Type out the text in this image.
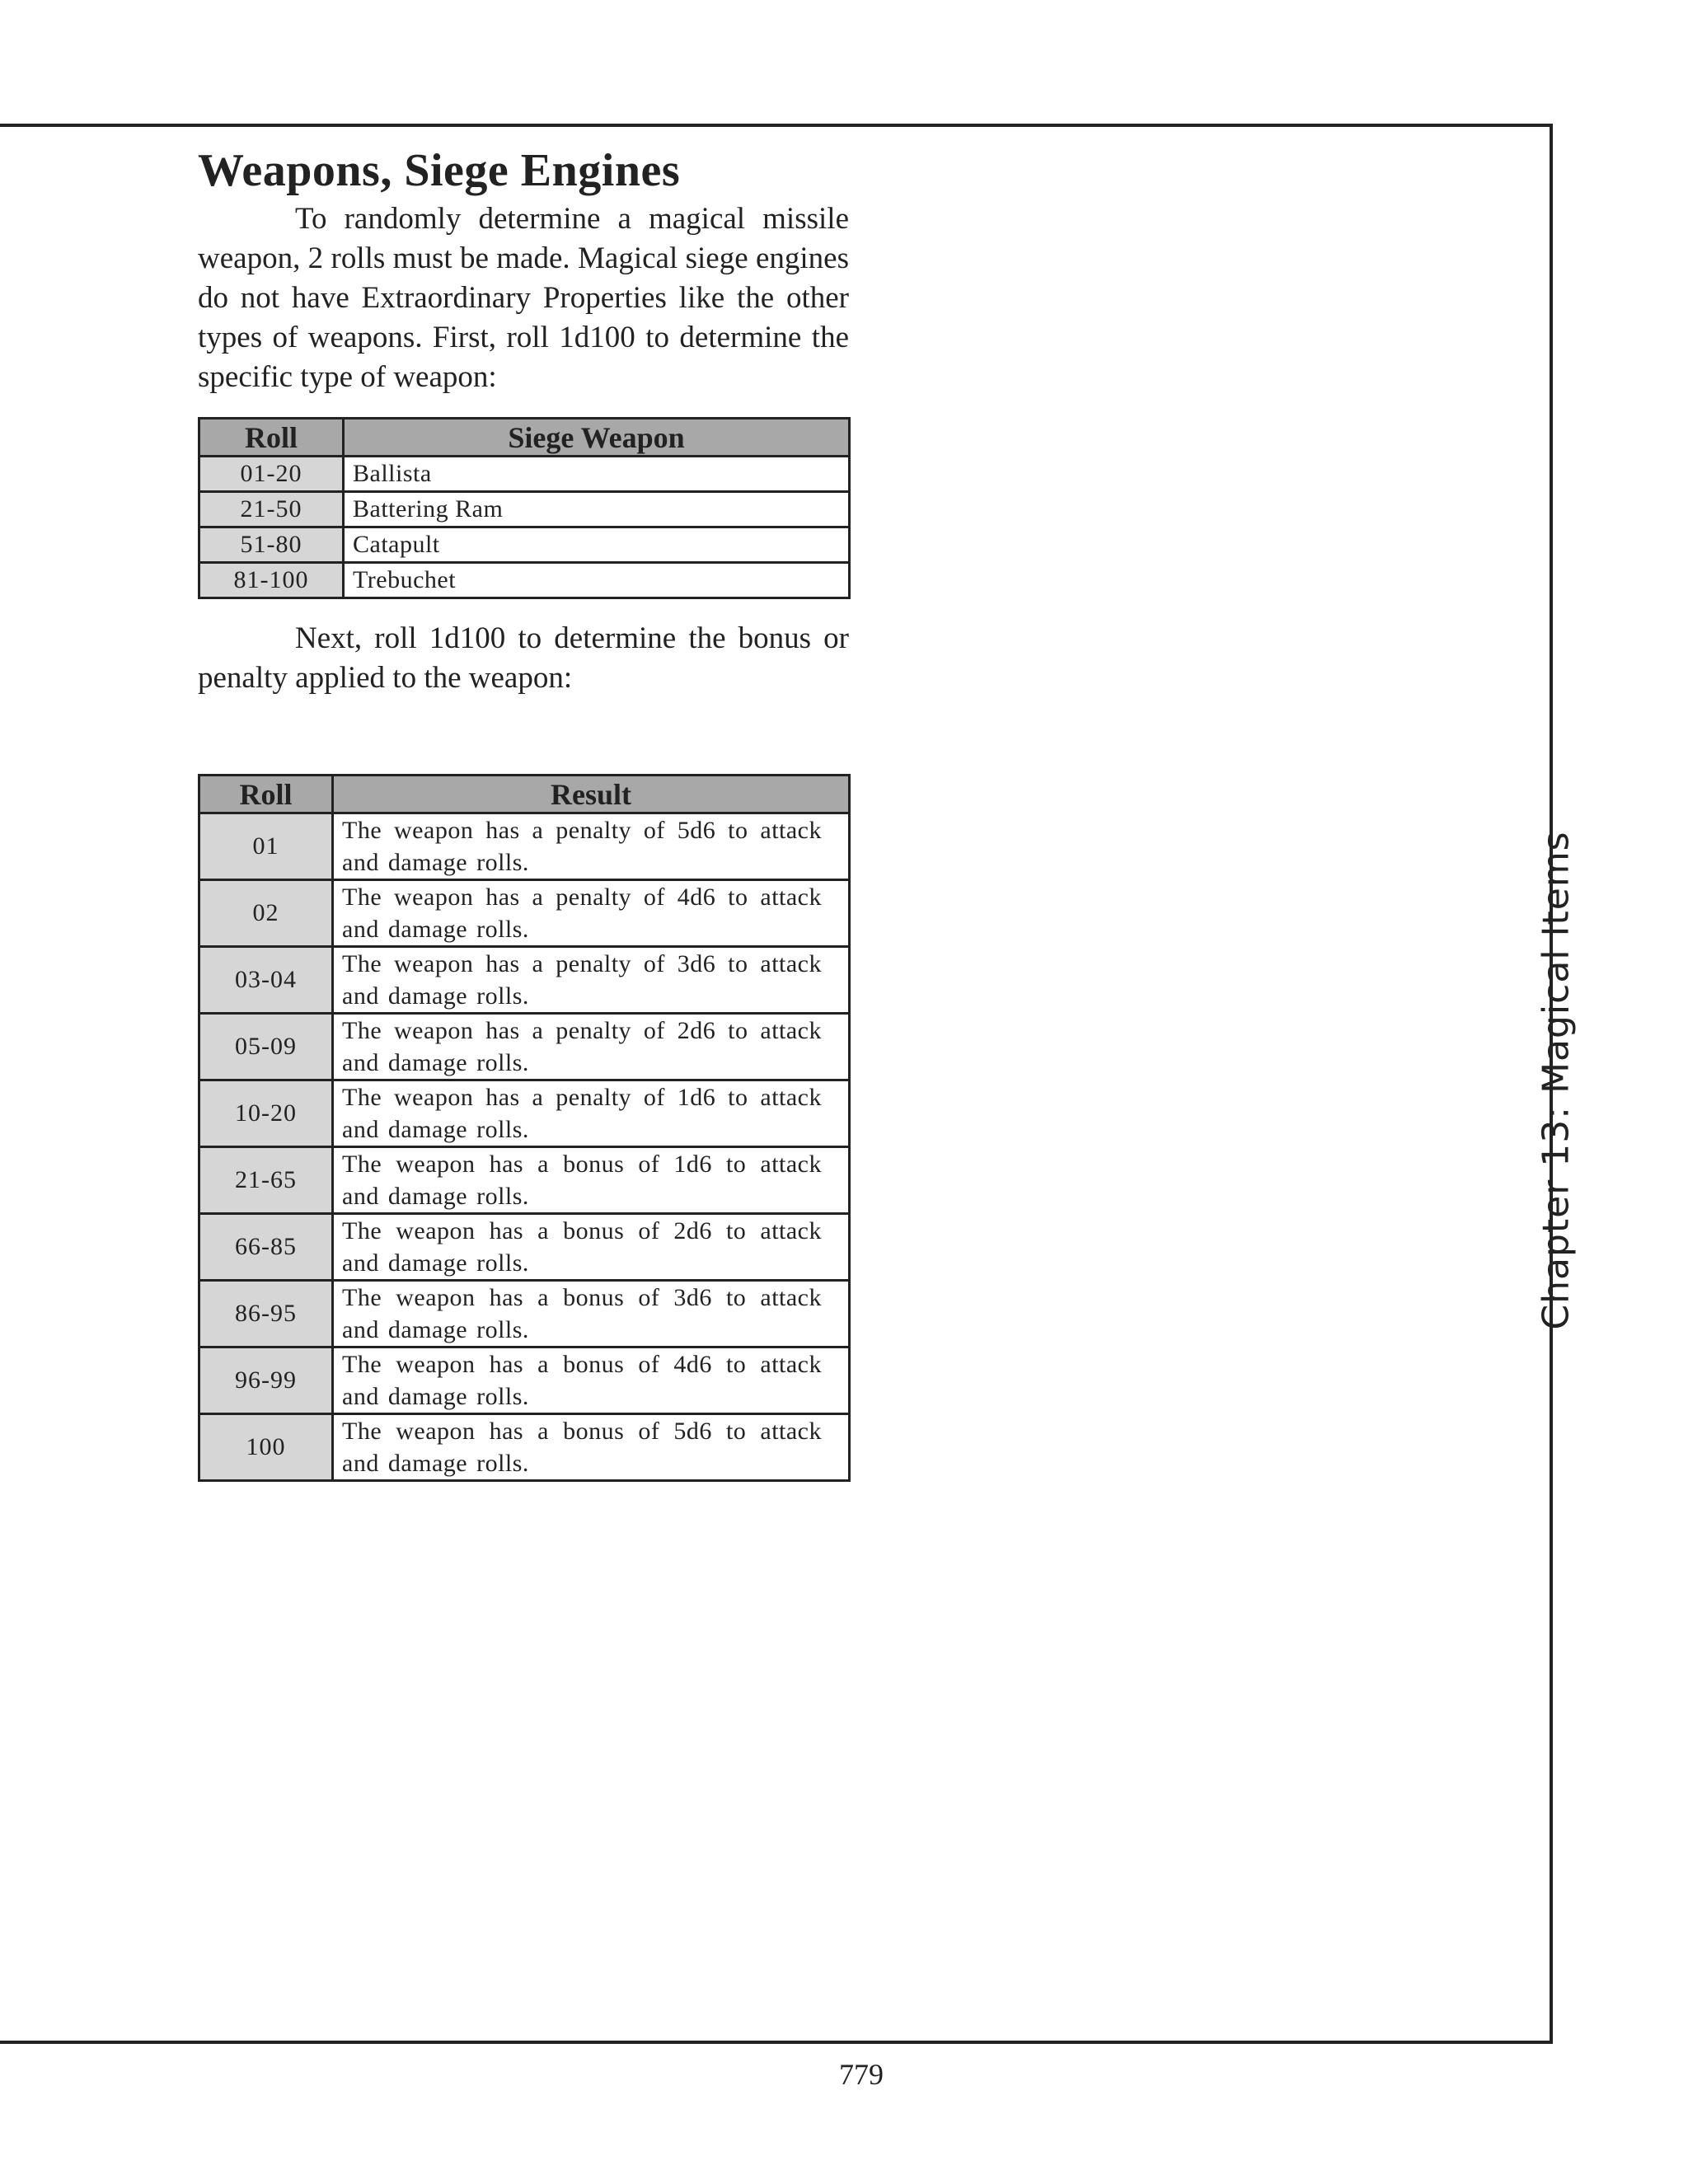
Weapons, Siege Engines

To randomly determine a magical missile weapon, 2 rolls must be made. Magical siege engines do not have Extraordinary Properties like the other types of weapons. First, roll 1d100 to determine the specific type of weapon:

Roll	Siege Weapon
01-20	Ballista
21-50	Battering Ram
51-80	Catapult
81-100	Trebuchet

Next, roll 1d100 to determine the bonus or penalty applied to the weapon:

Roll	Result
01	The weapon has a penalty of 5d6 to attack and damage rolls.
02	The weapon has a penalty of 4d6 to attack and damage rolls.
03-04	The weapon has a penalty of 3d6 to attack and damage rolls.
05-09	The weapon has a penalty of 2d6 to attack and damage rolls.
10-20	The weapon has a penalty of 1d6 to attack and damage rolls.
21-65	The weapon has a bonus of 1d6 to attack and damage rolls.
66-85	The weapon has a bonus of 2d6 to attack and damage rolls.
86-95	The weapon has a bonus of 3d6 to attack and damage rolls.
96-99	The weapon has a bonus of 4d6 to attack and damage rolls.
100	The weapon has a bonus of 5d6 to attack and damage rolls.
Chapter 13: Magical Items
779
